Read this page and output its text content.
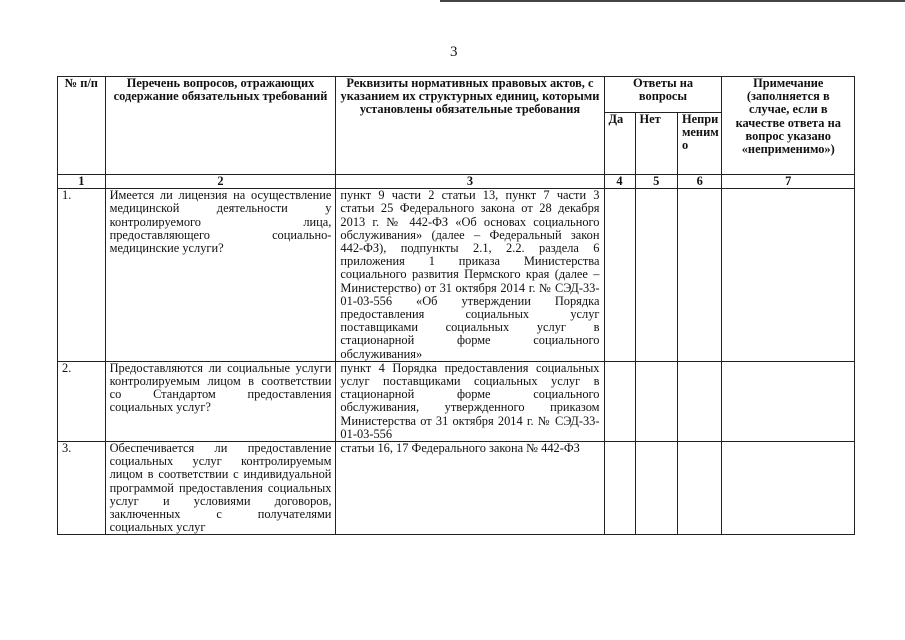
3
№ п/п	Перечень вопросов, отражающих содержание обязательных требований	Реквизиты нормативных правовых актов, с указанием их структурных единиц, которыми установлены обязательные требования	Ответы на вопросы			Примечание (заполняется в случае, если в качестве ответа на вопрос указано «неприменимо»)
			Да	Нет	Непри меним о	
1	2	3	4	5	6	7
1.	Имеется ли лицензия на осуществление медицинской деятельности у контролируемого лица, предоставляющего социально-медицинские услуги?	пункт 9 части 2 статьи 13, пункт 7 части 3 статьи 25 Федерального закона от 28 декабря 2013 г. № 442-ФЗ «Об основах социального обслуживания» (далее – Федеральный закон 442-ФЗ), подпункты 2.1, 2.2. раздела 6 приложения 1 приказа Министерства социального развития Пермского края (далее – Министерство) от 31 октября 2014 г. № СЭД-33-01-03-556 «Об утверждении Порядка предоставления социальных услуг поставщиками социальных услуг в стационарной форме социального обслуживания»				
2.	Предоставляются ли социальные услуги контролируемым лицом в соответствии со Стандартом предоставления социальных услуг?	пункт 4 Порядка предоставления социальных услуг поставщиками социальных услуг в стационарной форме социального обслуживания, утвержденного приказом Министерства от 31 октября 2014 г. № СЭД-33-01-03-556				
3.	Обеспечивается ли предоставление социальных услуг контролируемым лицом в соответствии с индивидуальной программой предоставления социальных услуг и условиями договоров, заключенных с получателями социальных услуг	статьи 16, 17 Федерального закона № 442-ФЗ				
